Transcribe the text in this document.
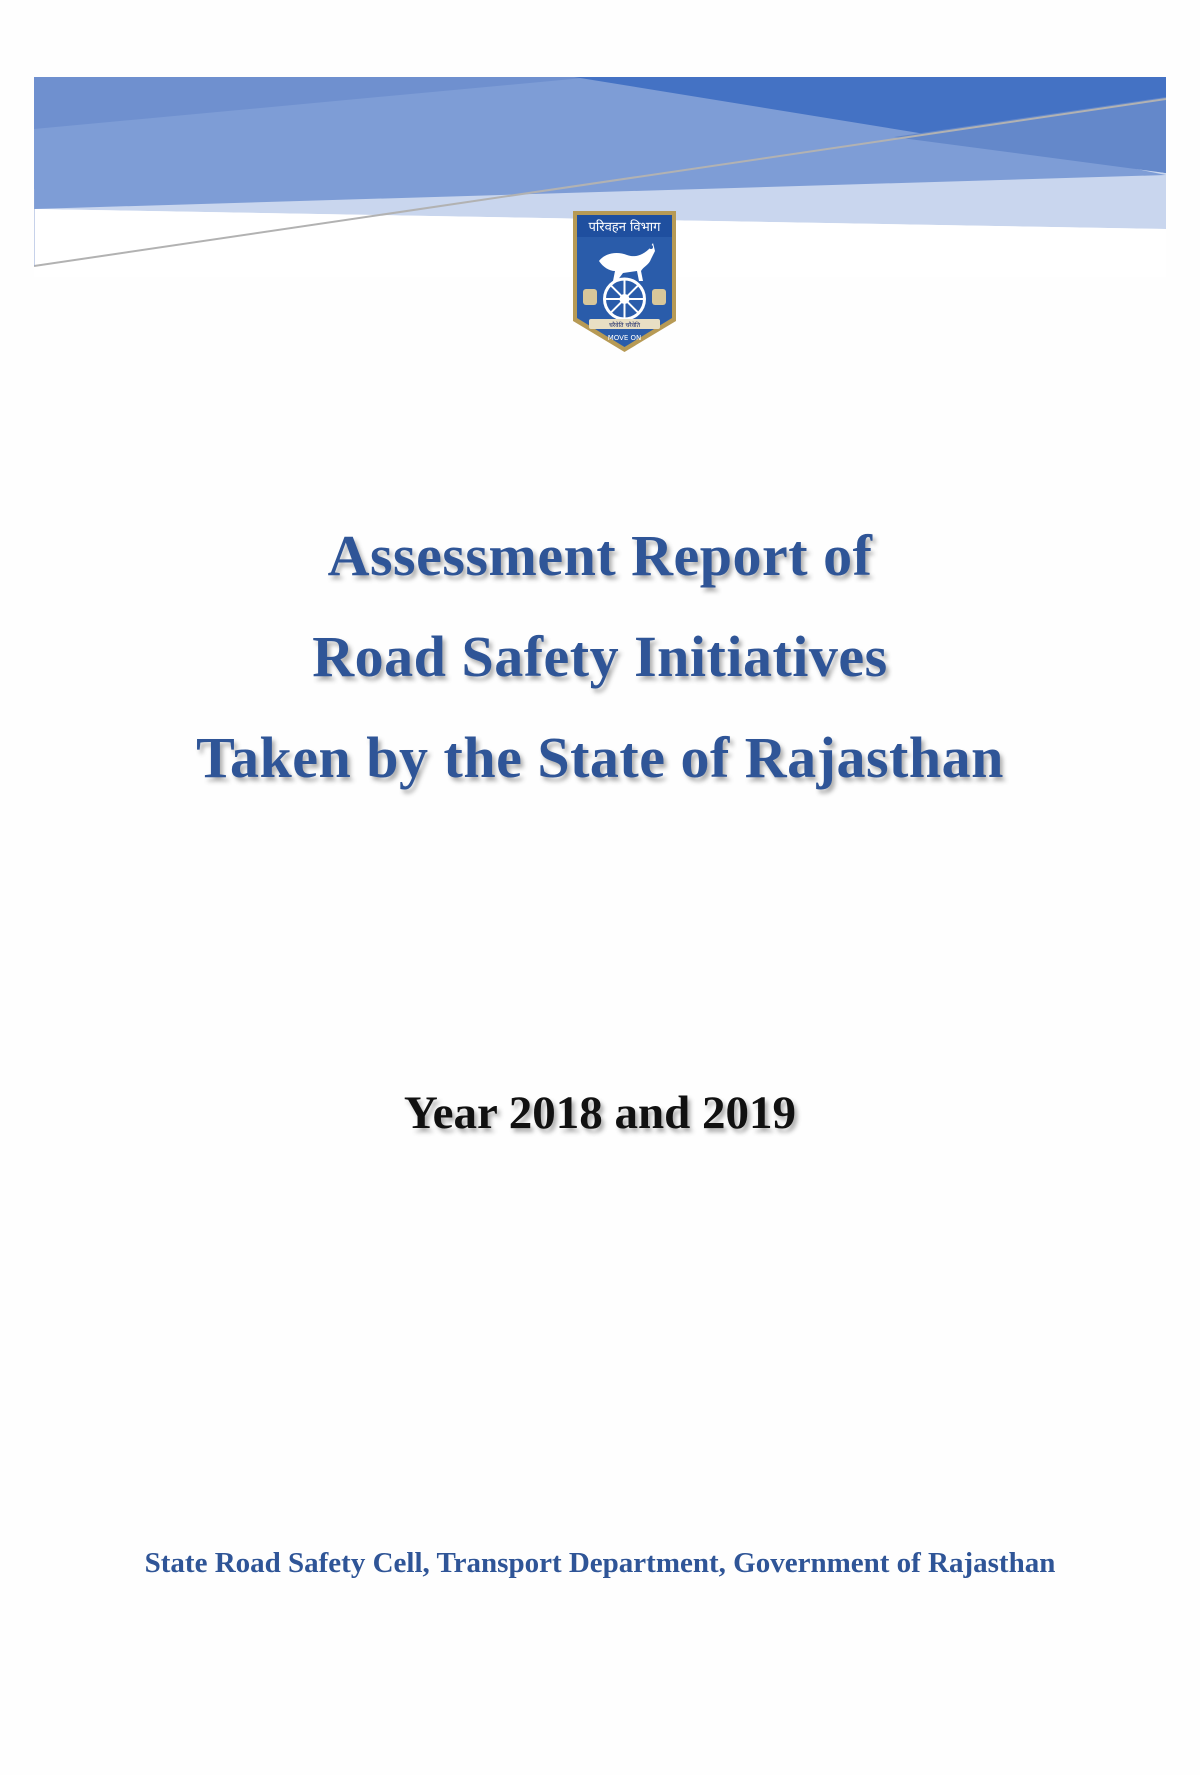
परिवहन विभाग
चरैवेति चरैवेति
MOVE ON
Assessment Report of
Road Safety Initiatives
Taken by the State of Rajasthan
Year 2018 and 2019
State Road Safety Cell, Transport Department, Government of Rajasthan
